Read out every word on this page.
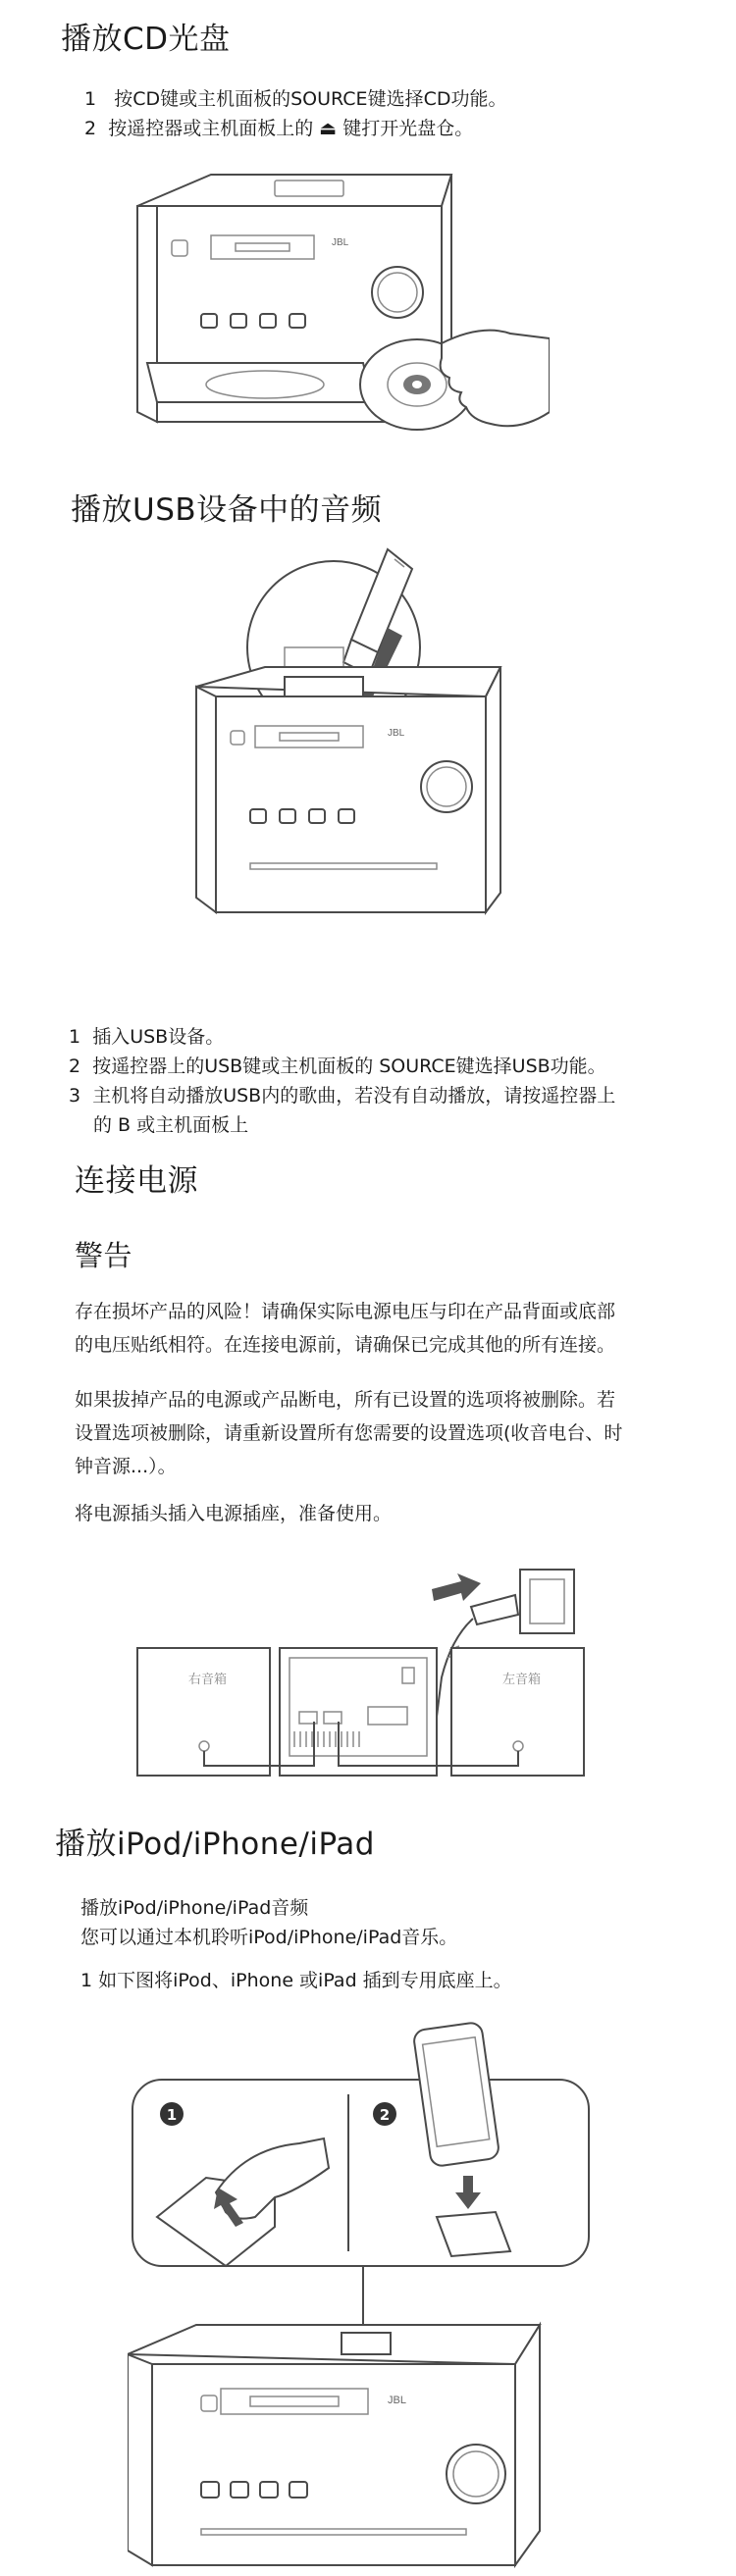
播放CD光盘
1 按CD键或主机面板的SOURCE键选择CD功能。
2 按遥控器或主机面板上的 ⏏ 键打开光盘仓。
JBL
播放USB设备中的音频
JBL
1 插入USB设备。
2 按遥控器上的USB键或主机面板的 SOURCE键选择USB功能。
3 主机将自动播放USB内的歌曲，若没有自动播放，请按遥控器上
的 B 或主机面板上
连接电源
警告
存在损坏产品的风险！请确保实际电源电压与印在产品背面或底部
的电压贴纸相符。在连接电源前，请确保已完成其他的所有连接。
如果拔掉产品的电源或产品断电，所有已设置的选项将被删除。若
设置选项被删除，请重新设置所有您需要的设置选项(收音电台、时
钟音源...）。
将电源插头插入电源插座，准备使用。
右音箱	左音箱
播放iPod/iPhone/iPad
播放iPod/iPhone/iPad音频
您可以通过本机聆听iPod/iPhone/iPad音乐。
1 如下图将iPod、iPhone 或iPad 插到专用底座上。
1	2
JBL
